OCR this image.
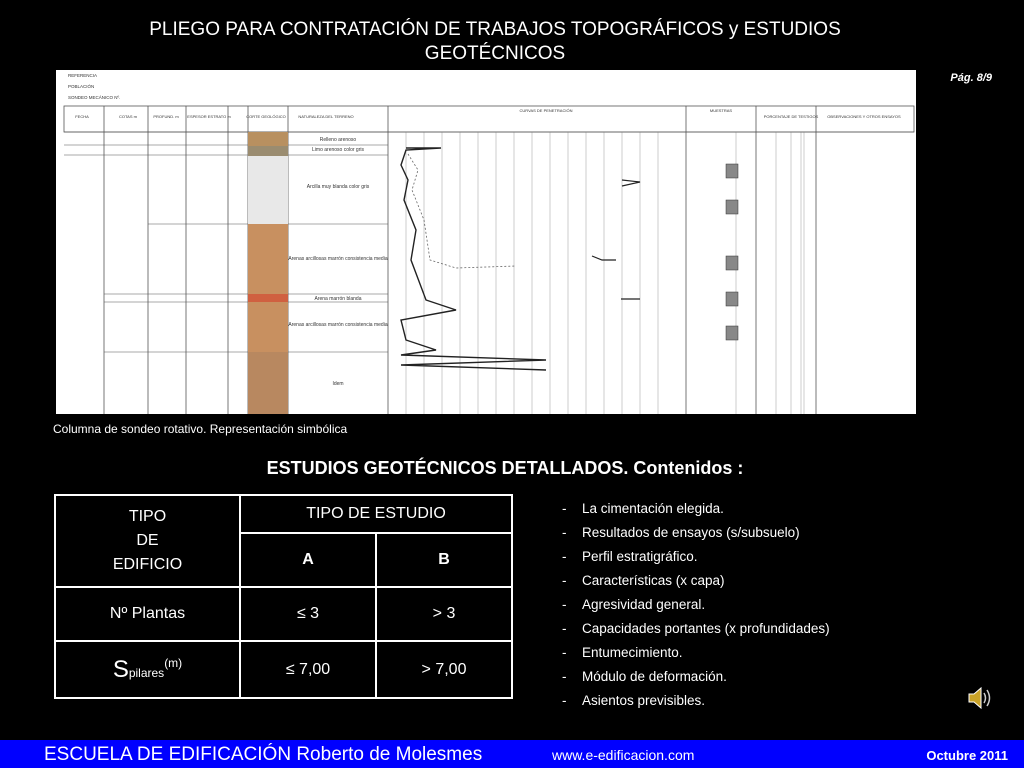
PLIEGO PARA CONTRATACIÓN DE TRABAJOS TOPOGRÁFICOS y ESTUDIOS GEOTÉCNICOS
Pág. 8/9
REFERENCIA
POBLACIÓN
SONDEO MECÁNICO Nº.
FECHA	COTAS m	PROFUND. m ESPESOR ESTRATO m	CORTE GEOLÓGICO	NATURALEZA DEL TERRENO
CURVAS DE PENETRACIÓN	MUESTRAS
PORCENTAJE DE TESTIGOS OBSERVACIONES Y OTROS ENSAYOS
Relleno arenoso
Limo arenoso color gris
Arcilla muy blanda color gris
Arenas arcillosas marrón consistencia media
Arena marrón blanda
Arenas arcillosas marrón consistencia media
Idem
Columna de sondeo rotativo. Representación simbólica
ESTUDIOS GEOTÉCNICOS DETALLADOS. Contenidos :
TIPO
DE
EDIFICIO	TIPO DE ESTUDIO	
	A	B
Nº Plantas	≤ 3	> 3
Spilares$^{(m)}$	≤ 7,00	> 7,00
- La cimentación elegida.
- Resultados de ensayos (s/subsuelo)
- Perfil estratigráfico.
- Características (x capa)
- Agresividad general.
- Capacidades portantes (x profundidades)
- Entumecimiento.
- Módulo de deformación.
- Asientos previsibles.
ESCUELA DE EDIFICACIÓN Roberto de Molesmes	www.e-edificacion.com	Octubre 2011
